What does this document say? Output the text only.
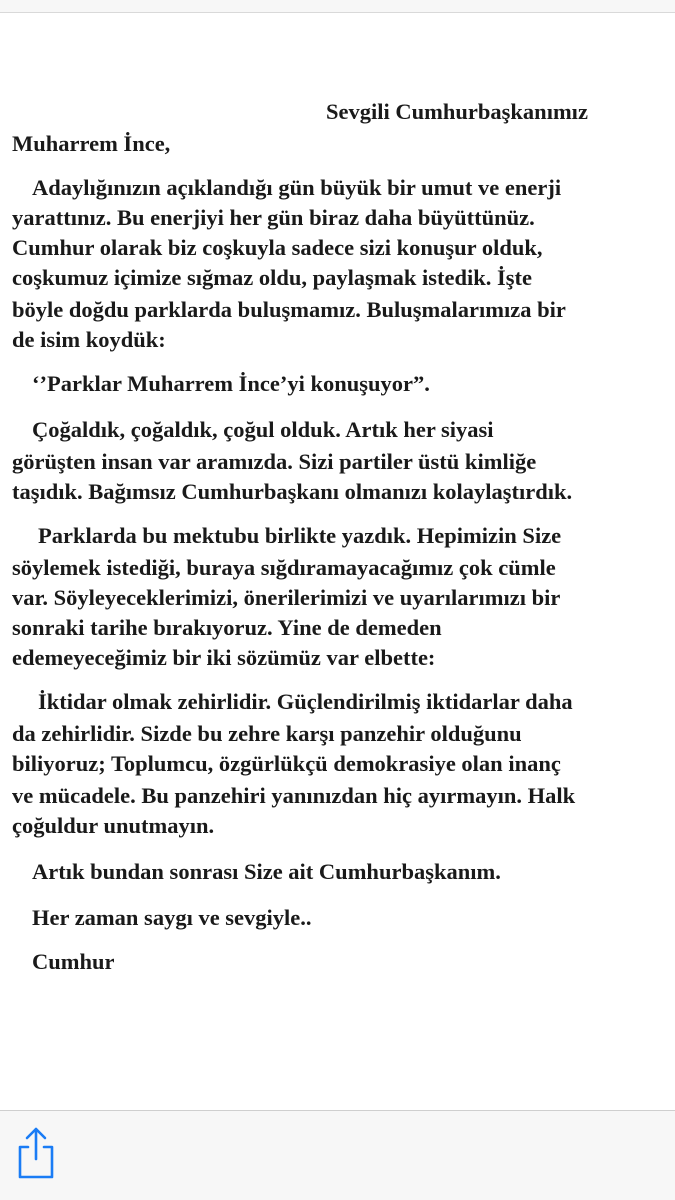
Sevgili Cumhurbaşkanımız
Muharrem İnce,
Adaylığınızın açıklandığı gün büyük bir umut ve enerji
yarattınız. Bu enerjiyi her gün biraz daha büyüttünüz.
Cumhur olarak biz coşkuyla sadece sizi konuşur olduk,
coşkumuz içimize sığmaz oldu, paylaşmak istedik. İşte
böyle doğdu parklarda buluşmamız. Buluşmalarımıza bir
de isim koydük:
‘’Parklar Muharrem İnce’yi konuşuyor”.
Çoğaldık, çoğaldık, çoğul olduk. Artık her siyasi
görüşten insan var aramızda. Sizi partiler üstü kimliğe
taşıdık. Bağımsız Cumhurbaşkanı olmanızı kolaylaştırdık.
Parklarda bu mektubu birlikte yazdık. Hepimizin Size
söylemek istediği, buraya sığdıramayacağımız çok cümle
var. Söyleyeceklerimizi, önerilerimizi ve uyarılarımızı bir
sonraki tarihe bırakıyoruz. Yine de demeden
edemeyeceğimiz bir iki sözümüz var elbette:
İktidar olmak zehirlidir. Güçlendirilmiş iktidarlar daha
da zehirlidir. Sizde bu zehre karşı panzehir olduğunu
biliyoruz; Toplumcu, özgürlükçü demokrasiye olan inanç
ve mücadele. Bu panzehiri yanınızdan hiç ayırmayın. Halk
çoğuldur unutmayın.
Artık bundan sonrası Size ait Cumhurbaşkanım.
Her zaman saygı ve sevgiyle..
Cumhur
